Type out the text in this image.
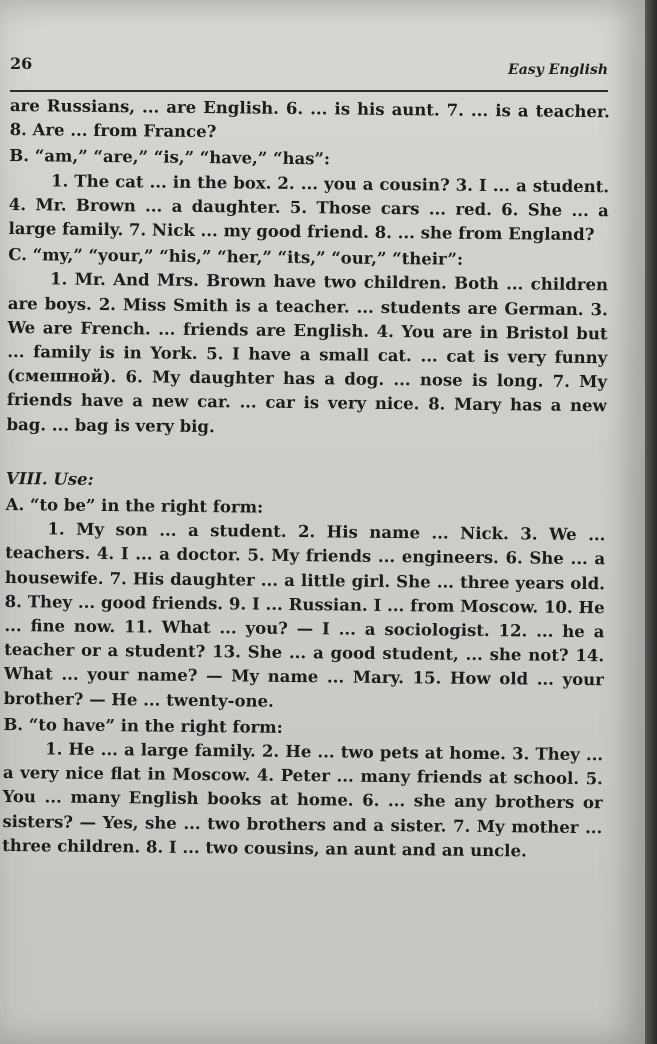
26	Easy English

are Russians, ... are English. 6. ... is his aunt. 7. ... is a teacher. 8. Are ... from France?

B. “am,” “are,” “is,” “have,” “has”:

1. The cat ... in the box. 2. ... you a cousin? 3. I ... a student. 4. Mr. Brown ... a daughter. 5. Those cars ... red. 6. She ... a large family. 7. Nick ... my good friend. 8. ... she from England?

C. “my,” “your,” “his,” “her,” “its,” “our,” “their”:

1. Mr. And Mrs. Brown have two children. Both ... children are boys. 2. Miss Smith is a teacher. ... students are German. 3. We are French. ... friends are English. 4. You are in Bristol but ... family is in York. 5. I have a small cat. ... cat is very funny (смешной). 6. My daughter has a dog. ... nose is long. 7. My friends have a new car. ... car is very nice. 8. Mary has a new bag. ... bag is very big.

VIII. Use:

A. “to be” in the right form:

1. My son ... a student. 2. His name ... Nick. 3. We ... teachers. 4. I ... a doctor. 5. My friends ... engineers. 6. She ... a housewife. 7. His daughter ... a little girl. She ... three years old. 8. They ... good friends. 9. I ... Russian. I ... from Moscow. 10. He ... fine now. 11. What ... you? — I ... a sociologist. 12. ... he a teacher or a student? 13. She ... a good student, ... she not? 14. What ... your name? — My name ... Mary. 15. How old ... your brother? — He ... twenty-one.

B. “to have” in the right form:

1. He ... a large family. 2. He ... two pets at home. 3. They ... a very nice flat in Moscow. 4. Peter ... many friends at school. 5. You ... many English books at home. 6. ... she any brothers or sisters? — Yes, she ... two brothers and a sister. 7. My mother ... three children. 8. I ... two cousins, an aunt and an uncle.
